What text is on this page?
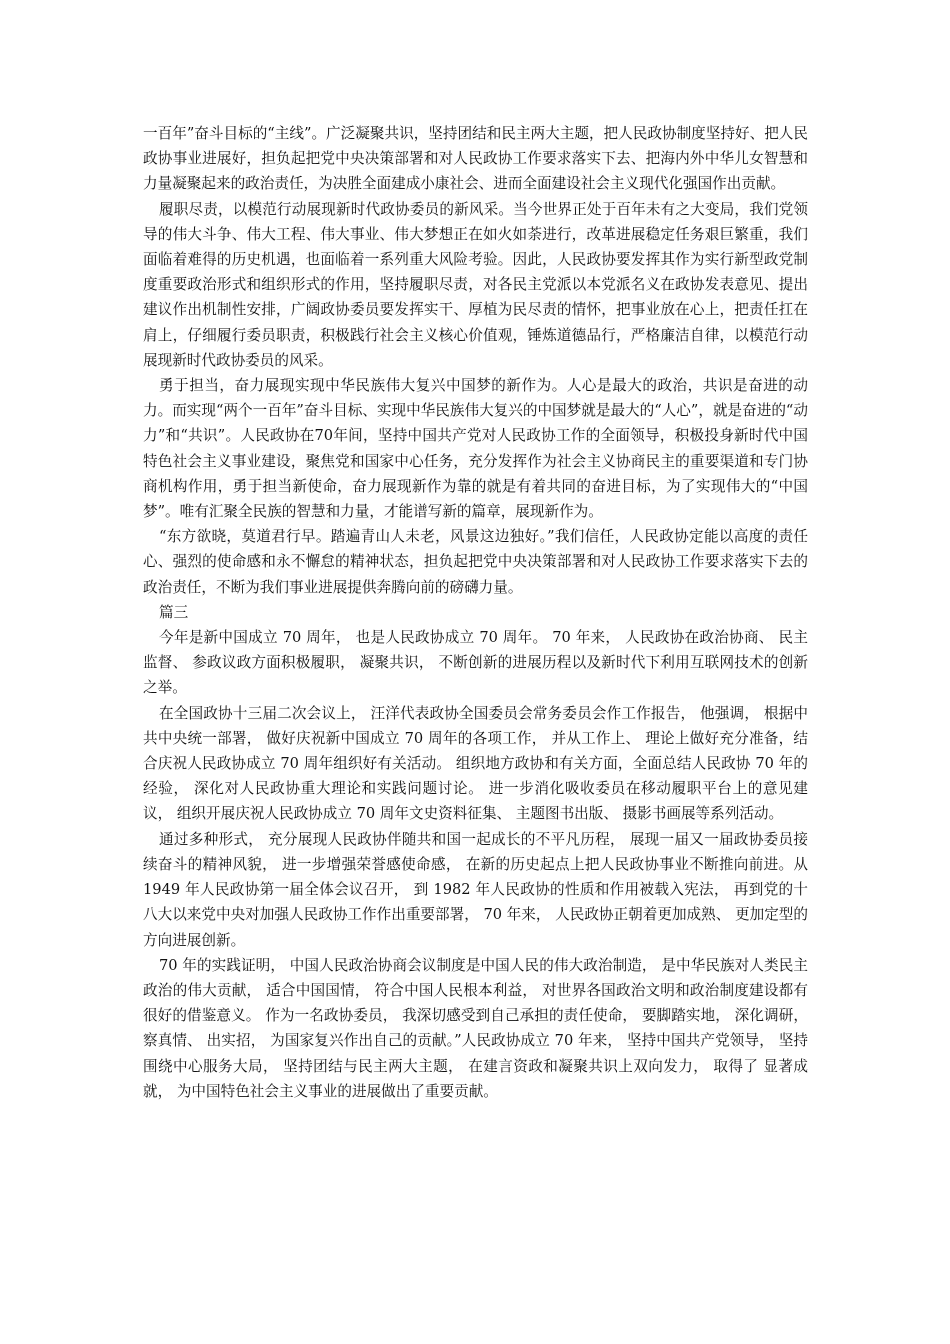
一百年”奋斗目标的“主线”。广泛凝聚共识，坚持团结和民主两大主题，把人民政协制度坚持好、把人民政协事业进展好，担负起把党中央决策部署和对人民政协工作要求落实下去、把海内外中华儿女智慧和力量凝聚起来的政治责任，为决胜全面建成小康社会、进而全面建设社会主义现代化强国作出贡献。

履职尽责，以模范行动展现新时代政协委员的新风采。当今世界正处于百年未有之大变局，我们党领导的伟大斗争、伟大工程、伟大事业、伟大梦想正在如火如荼进行，改革进展稳定任务艰巨繁重，我们面临着难得的历史机遇，也面临着一系列重大风险考验。因此，人民政协要发挥其作为实行新型政党制度重要政治形式和组织形式的作用，坚持履职尽责，对各民主党派以本党派名义在政协发表意见、提出建议作出机制性安排，广阔政协委员要发挥实干、厚植为民尽责的情怀，把事业放在心上，把责任扛在肩上，仔细履行委员职责，积极践行社会主义核心价值观，锤炼道德品行，严格廉洁自律，以模范行动展现新时代政协委员的风采。

勇于担当，奋力展现实现中华民族伟大复兴中国梦的新作为。人心是最大的政治，共识是奋进的动力。而实现“两个一百年”奋斗目标、实现中华民族伟大复兴的中国梦就是最大的“人心”，就是奋进的“动力”和“共识”。人民政协在70年间，坚持中国共产党对人民政协工作的全面领导，积极投身新时代中国特色社会主义事业建设，聚焦党和国家中心任务，充分发挥作为社会主义协商民主的重要渠道和专门协商机构作用，勇于担当新使命，奋力展现新作为靠的就是有着共同的奋进目标，为了实现伟大的“中国梦”。唯有汇聚全民族的智慧和力量，才能谱写新的篇章，展现新作为。

“东方欲晓，莫道君行早。踏遍青山人未老，风景这边独好。”我们信任，人民政协定能以高度的责任心、强烈的使命感和永不懈怠的精神状态，担负起把党中央决策部署和对人民政协工作要求落实下去的政治责任，不断为我们事业进展提供奔腾向前的磅礴力量。

篇三

今年是新中国成立 70 周年， 也是人民政协成立 70 周年。 70 年来， 人民政协在政治协商、 民主监督、 参政议政方面积极履职， 凝聚共识， 不断创新的进展历程以及新时代下利用互联网技术的创新之举。

在全国政协十三届二次会议上， 汪洋代表政协全国委员会常务委员会作工作报告， 他强调， 根据中共中央统一部署， 做好庆祝新中国成立 70 周年的各项工作， 并从工作上、 理论上做好充分准备，结合庆祝人民政协成立 70 周年组织好有关活动。 组织地方政协和有关方面，全面总结人民政协 70 年的经验， 深化对人民政协重大理论和实践问题讨论。 进一步消化吸收委员在移动履职平台上的意见建议， 组织开展庆祝人民政协成立 70 周年文史资料征集、 主题图书出版、 摄影书画展等系列活动。

通过多种形式， 充分展现人民政协伴随共和国一起成长的不平凡历程， 展现一届又一届政协委员接续奋斗的精神风貌， 进一步增强荣誉感使命感， 在新的历史起点上把人民政协事业不断推向前进。从 1949 年人民政协第一届全体会议召开， 到 1982 年人民政协的性质和作用被载入宪法， 再到党的十八大以来党中央对加强人民政协工作作出重要部署， 70 年来， 人民政协正朝着更加成熟、 更加定型的方向进展创新。

70 年的实践证明， 中国人民政治协商会议制度是中国人民的伟大政治制造， 是中华民族对人类民主政治的伟大贡献， 适合中国国情， 符合中国人民根本利益， 对世界各国政治文明和政治制度建设都有很好的借鉴意义。 作为一名政协委员， 我深切感受到自己承担的责任使命， 要脚踏实地， 深化调研， 察真情、 出实招， 为国家复兴作出自己的贡献。”人民政协成立 70 年来， 坚持中国共产党领导， 坚持围绕中心服务大局， 坚持团结与民主两大主题， 在建言资政和凝聚共识上双向发力， 取得了 显著成就， 为中国特色社会主义事业的进展做出了重要贡献。
